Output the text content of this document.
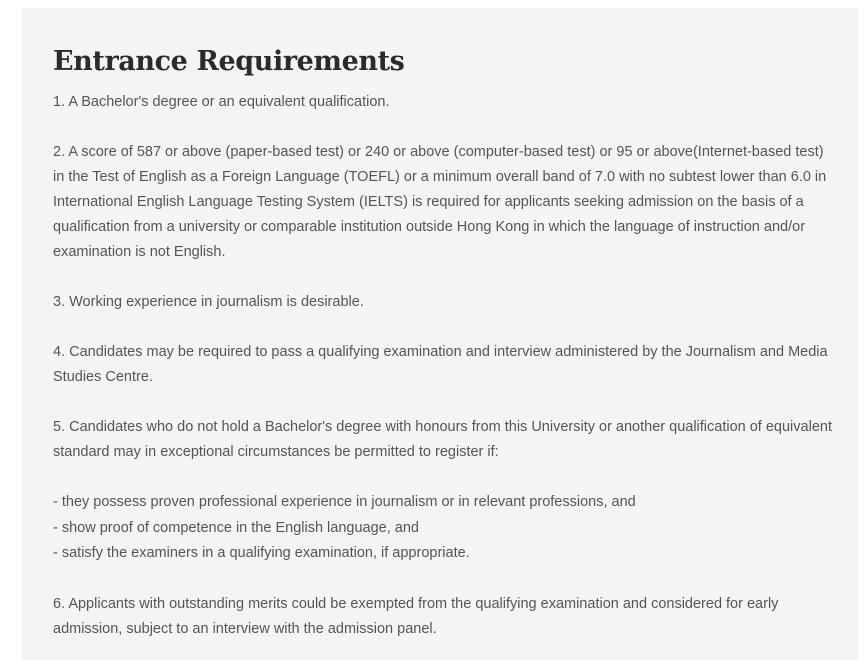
Entrance Requirements

1. A Bachelor's degree or an equivalent qualification.

2. A score of 587 or above (paper-based test) or 240 or above (computer-based test) or 95 or above(Internet-based test) in the Test of English as a Foreign Language (TOEFL) or a minimum overall band of 7.0 with no subtest lower than 6.0 in International English Language Testing System (IELTS) is required for applicants seeking admission on the basis of a qualification from a university or comparable institution outside Hong Kong in which the language of instruction and/or examination is not English.

3. Working experience in journalism is desirable.

4. Candidates may be required to pass a qualifying examination and interview administered by the Journalism and Media Studies Centre.

5. Candidates who do not hold a Bachelor's degree with honours from this University or another qualification of equivalent standard may in exceptional circumstances be permitted to register if:

- they possess proven professional experience in journalism or in relevant professions, and
- show proof of competence in the English language, and
- satisfy the examiners in a qualifying examination, if appropriate.

6. Applicants with outstanding merits could be exempted from the qualifying examination and considered for early admission, subject to an interview with the admission panel.
